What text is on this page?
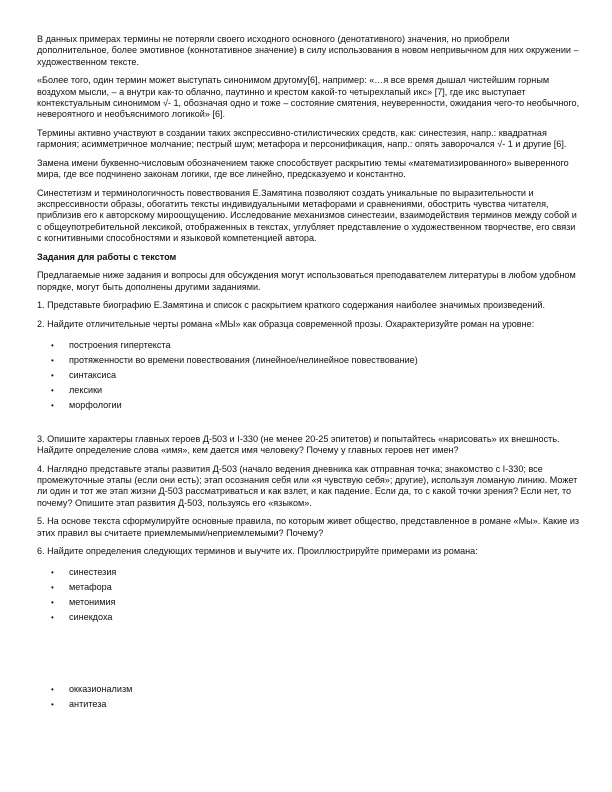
В данных примерах термины не потеряли своего исходного основного (денотативного) значения, но приобрели дополнительное, более эмотивное (коннотативное значение) в силу использования в новом непривычном для них окружении – художественном тексте.

«Более того, один термин может выступать синонимом другому[6], например: «…я все время дышал чистейшим горным воздухом мысли, – а внутри как-то облачно, паутинно и крестом какой-то четырехлапый икс» [7], где икс выступает контекстуальным синонимом √- 1, обозначая одно и тоже – состояние смятения, неуверенности, ожидания чего-то необычного, невероятного и необъяснимого логикой» [6].

Термины активно участвуют в создании таких экспрессивно-стилистических средств, как: синестезия, напр.: квадратная гармония; асимметричное молчание; пестрый шум; метафора и персонификация, напр.: опять заворочался √- 1 и другие [6].

Замена имени буквенно-числовым обозначением также способствует раскрытию темы «математизированного» выверенного мира, где все подчинено законам логики, где все линейно, предсказуемо и константно.

Синестетизм и терминологичность повествования Е.Замятина позволяют создать уникальные по выразительности и экспрессивности образы, обогатить тексты индивидуальными метафорами и сравнениями, обострить чувства читателя, приблизив его к авторскому мироощущению. Исследование механизмов синестезии, взаимодействия терминов между собой и с общеупотребительной лексикой, отображенных в текстах, углубляет представление о художественном творчестве, его связи с когнитивными способностями и языковой компетенцией автора.

Задания для работы с текстом

Предлагаемые ниже задания и вопросы для обсуждения могут использоваться преподавателем литературы в любом удобном порядке, могут быть дополнены другими заданиями.

1. Представьте биографию Е.Замятина и список с раскрытием краткого содержания наиболее значимых произведений.

2. Найдите отличительные черты романа «МЫ» как образца современной прозы. Охарактеризуйте роман на уровне:

• построения гипертекста
• протяженности во времени повествования (линейное/нелинейное повествование)
• синтаксиса
• лексики
• морфологии

3. Опишите характеры главных героев Д-503 и I-330 (не менее 20-25 эпитетов) и попытайтесь «нарисовать» их внешность. Найдите определение слова «имя», кем дается имя человеку? Почему у главных героев нет имен?

4. Наглядно представьте этапы развития Д-503 (начало ведения дневника как отправная точка; знакомство с I-330; все промежуточные этапы (если они есть); этап осознания себя или «я чувствую себя»; другие), используя ломаную линию. Может ли один и тот же этап жизни Д-503 рассматриваться и как взлет, и как падение. Если да, то с какой точки зрения? Если нет, то почему? Опишите этап развития Д-503, пользуясь его «языком».

5. На основе текста сформулируйте основные правила, по которым живет общество, представленное в романе «Мы». Какие из этих правил вы считаете приемлемыми/неприемлемыми? Почему?

6. Найдите определения следующих терминов и выучите их. Проиллюстрируйте примерами из романа:

• синестезия
• метафора
• метонимия
• синекдоха
• окказионализм
• антитеза
